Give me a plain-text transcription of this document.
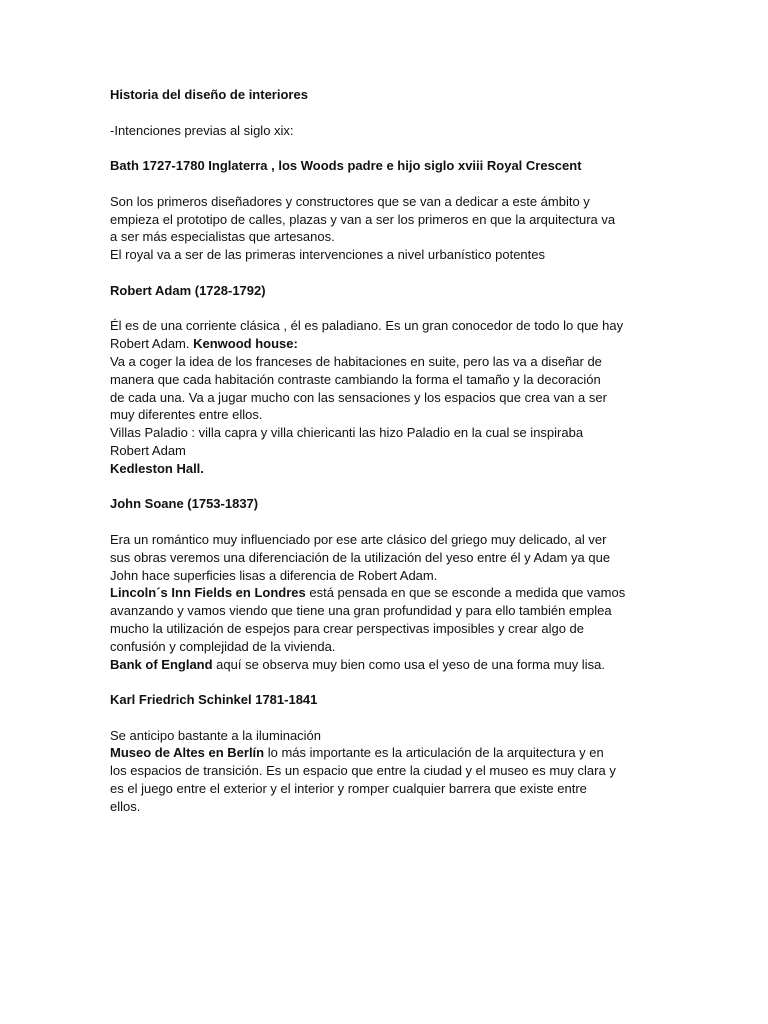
Historia del diseño de interiores

-Intenciones previas al siglo xix:

Bath 1727-1780 Inglaterra , los Woods padre e hijo siglo xviii Royal Crescent

Son los primeros diseñadores y constructores que se van a dedicar a este ámbito y
empieza el prototipo de calles, plazas y van a ser los primeros en que la arquitectura va
a ser más especialistas que artesanos.
El royal va a ser de las primeras intervenciones a nivel urbanístico potentes

Robert Adam (1728-1792)

Él es de una corriente clásica , él es paladiano. Es un gran conocedor de todo lo que hay
Robert Adam. Kenwood house:
Va a coger la idea de los franceses de habitaciones en suite, pero las va a diseñar de
manera que cada habitación contraste cambiando la forma el tamaño y la decoración
de cada una. Va a jugar mucho con las sensaciones y los espacios que crea van a ser
muy diferentes entre ellos.
Villas Paladio : villa capra y villa chiericanti las hizo Paladio en la cual se inspiraba
Robert Adam
Kedleston Hall.

John Soane (1753-1837)

Era un romántico muy influenciado por ese arte clásico del griego muy delicado, al ver
sus obras veremos una diferenciación de la utilización del yeso entre él y Adam ya que
John hace superficies lisas a diferencia de Robert Adam.
Lincoln´s Inn Fields en Londres está pensada en que se esconde a medida que vamos
avanzando y vamos viendo que tiene una gran profundidad y para ello también emplea
mucho la utilización de espejos para crear perspectivas imposibles y crear algo de
confusión y complejidad de la vivienda.
Bank of England aquí se observa muy bien como usa el yeso de una forma muy lisa.

Karl Friedrich Schinkel 1781-1841

Se anticipo bastante a la iluminación
Museo de Altes en Berlín lo más importante es la articulación de la arquitectura y en
los espacios de transición. Es un espacio que entre la ciudad y el museo es muy clara y
es el juego entre el exterior y el interior y romper cualquier barrera que existe entre
ellos.
